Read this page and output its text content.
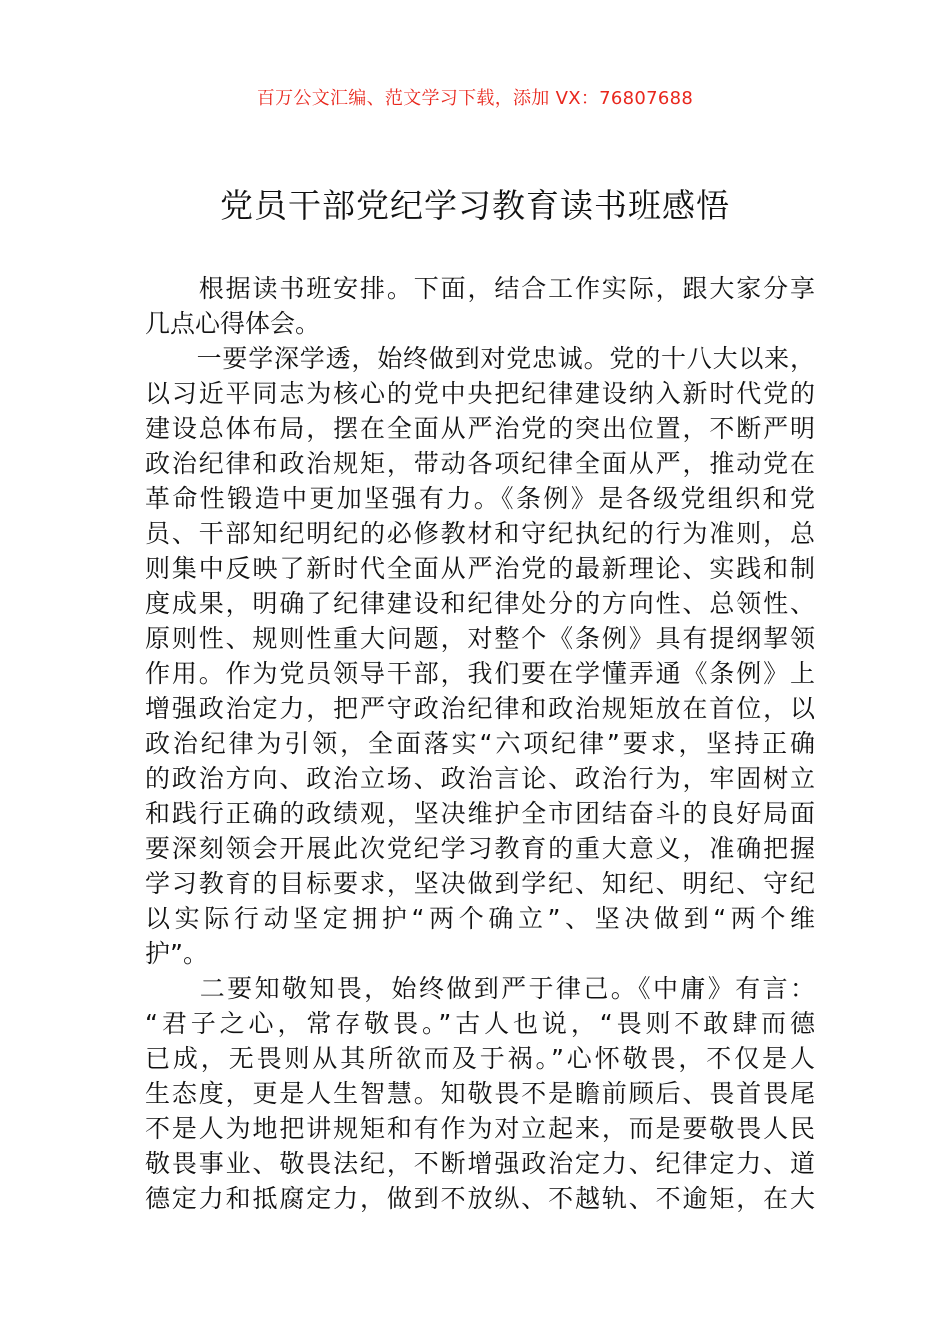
百万公文汇编、范文学习下载，添加 VX：76807688
党员干部党纪学习教育读书班感悟
　　根据读书班安排。下面，结合工作实际，跟大家分享
几点心得体会。
　　一要学深学透，始终做到对党忠诚。党的十八大以来，
以习近平同志为核心的党中央把纪律建设纳入新时代党的
建设总体布局，摆在全面从严治党的突出位置，不断严明
政治纪律和政治规矩，带动各项纪律全面从严，推动党在
革命性锻造中更加坚强有力。《条例》是各级党组织和党
员、干部知纪明纪的必修教材和守纪执纪的行为准则，总
则集中反映了新时代全面从严治党的最新理论、实践和制
度成果，明确了纪律建设和纪律处分的方向性、总领性、
原则性、规则性重大问题，对整个《条例》具有提纲挈领
作用。作为党员领导干部，我们要在学懂弄通《条例》上
增强政治定力，把严守政治纪律和政治规矩放在首位，以
政治纪律为引领，全面落实“六项纪律”要求，坚持正确
的政治方向、政治立场、政治言论、政治行为，牢固树立
和践行正确的政绩观，坚决维护全市团结奋斗的良好局面
要深刻领会开展此次党纪学习教育的重大意义，准确把握
学习教育的目标要求，坚决做到学纪、知纪、明纪、守纪
以实际行动坚定拥护“两个确立”、坚决做到“两个维
护”。
　　二要知敬知畏，始终做到严于律己。《中庸》有言：
“君子之心，常存敬畏。”古人也说，“畏则不敢肆而德
已成，无畏则从其所欲而及于祸。”心怀敬畏，不仅是人
生态度，更是人生智慧。知敬畏不是瞻前顾后、畏首畏尾
不是人为地把讲规矩和有作为对立起来，而是要敬畏人民
敬畏事业、敬畏法纪，不断增强政治定力、纪律定力、道
德定力和抵腐定力，做到不放纵、不越轨、不逾矩，在大
